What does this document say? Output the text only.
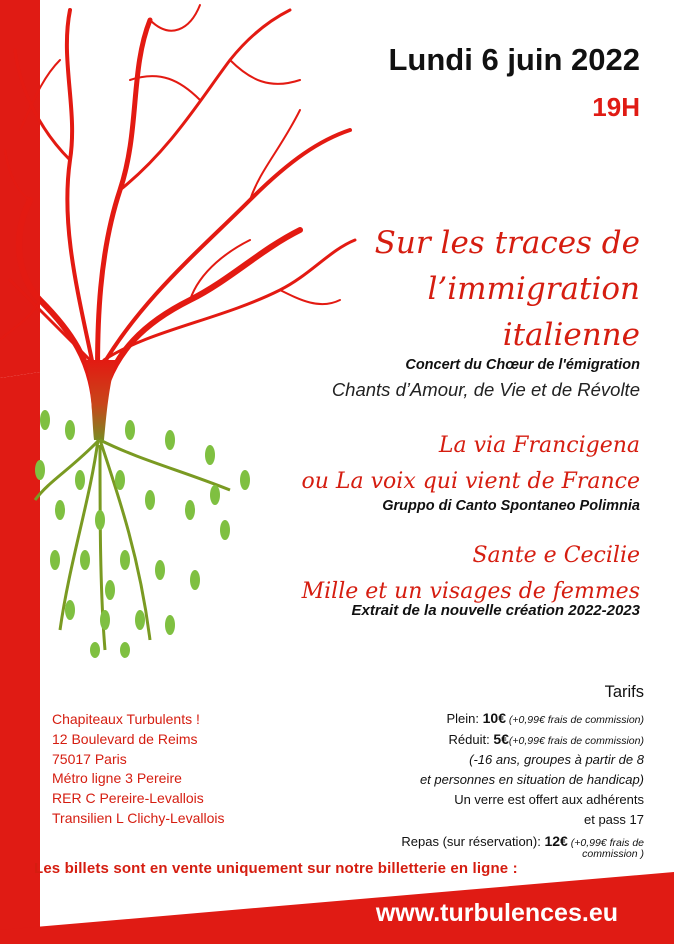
Lundi 6 juin 2022
19H
Sur les traces de
l’immigration
italienne
Concert du Chœur de l'émigration
Chants d’Amour, de Vie et de Révolte
La via Francigena
ou La voix qui vient de France
Gruppo di Canto Spontaneo Polimnia
Sante e Cecilie
Mille et un visages de femmes
Extrait de la nouvelle création 2022-2023
Chapiteaux Turbulents !
12 Boulevard de Reims
75017 Paris
Métro ligne 3 Pereire
RER C Pereire-Levallois
Transilien L Clichy-Levallois
Tarifs
Plein: 10€ (+0,99€ frais de commission)
Réduit: 5€(+0,99€ frais de commission)
(-16 ans, groupes à partir de 8
et personnes en situation de handicap)
Un verre est offert aux adhérents
et pass 17
Repas (sur réservation): 12€ (+0,99€ frais de
commission )
Les billets sont en vente uniquement sur notre billetterie en ligne :
www.turbulences.eu
